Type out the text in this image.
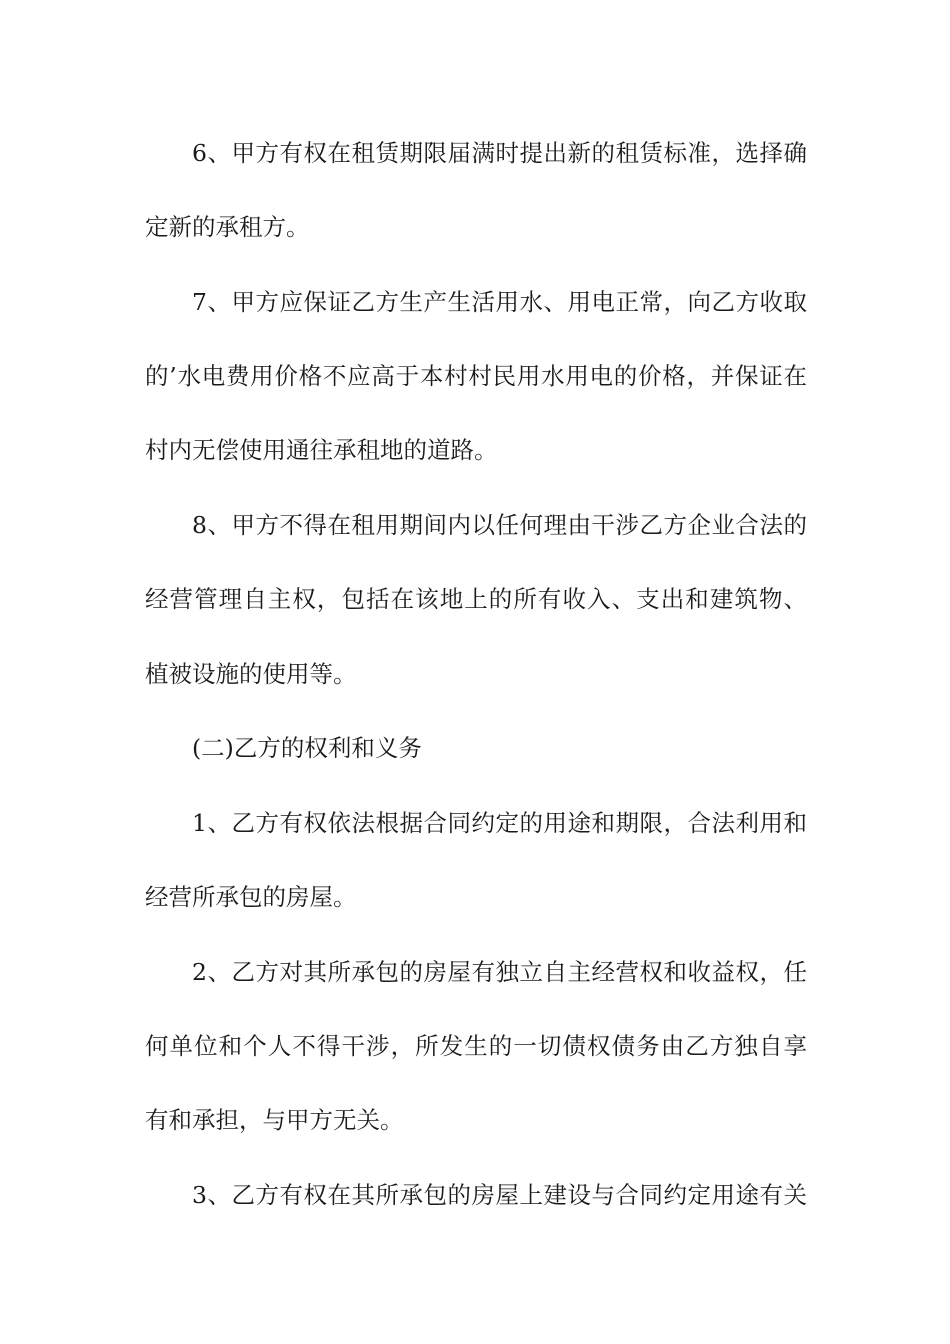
6、甲方有权在租赁期限届满时提出新的租赁标准，选择确
定新的承租方。
7、甲方应保证乙方生产生活用水、用电正常，向乙方收取
的’水电费用价格不应高于本村村民用水用电的价格，并保证在
村内无偿使用通往承租地的道路。
8、甲方不得在租用期间内以任何理由干涉乙方企业合法的
经营管理自主权，包括在该地上的所有收入、支出和建筑物、
植被设施的使用等。
(二)乙方的权利和义务
1、乙方有权依法根据合同约定的用途和期限，合法利用和
经营所承包的房屋。
2、乙方对其所承包的房屋有独立自主经营权和收益权，任
何单位和个人不得干涉，所发生的一切债权债务由乙方独自享
有和承担，与甲方无关。
3、乙方有权在其所承包的房屋上建设与合同约定用途有关
